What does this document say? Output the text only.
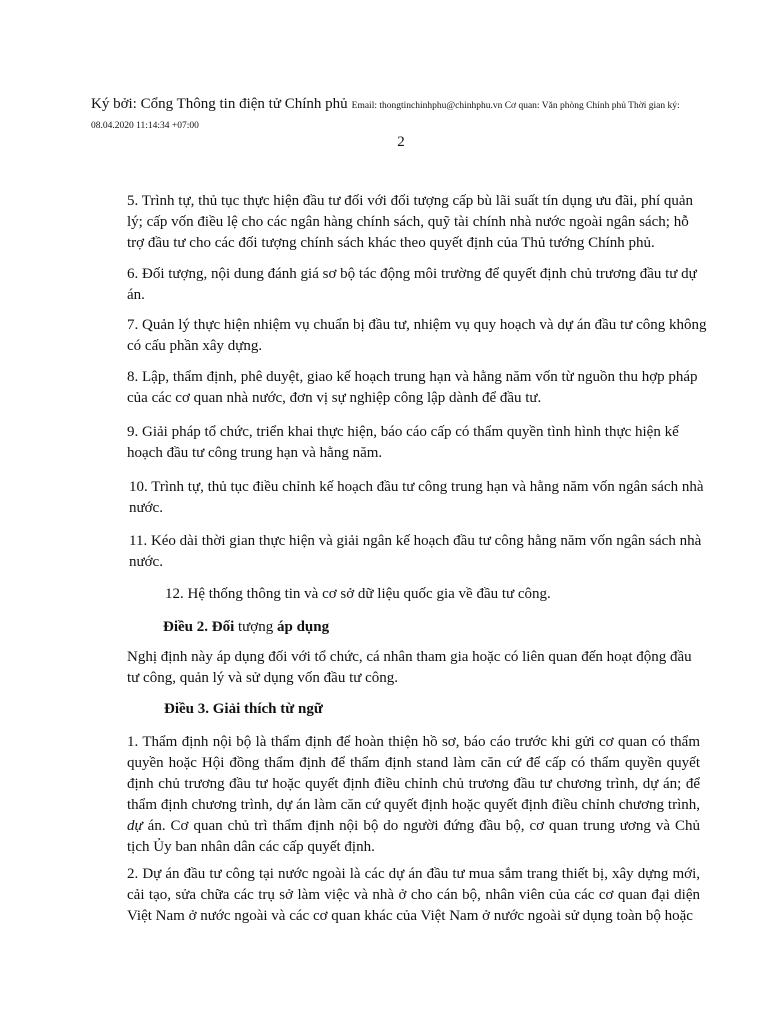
Ký bởi: Cổng Thông tin điện tử Chính phủ Email: thongtinchinhphu@chinhphu.vn Cơ quan: Văn phòng Chính phủ Thời gian ký:
08.04.2020 11:14:34 +07:00
2

5. Trình tự, thủ tục thực hiện đầu tư đối với đối tượng cấp bù lãi suất tín dụng ưu đãi, phí quản lý; cấp vốn điều lệ cho các ngân hàng chính sách, quỹ tài chính nhà nước ngoài ngân sách; hỗ trợ đầu tư cho các đối tượng chính sách khác theo quyết định của Thủ tướng Chính phủ.

6. Đối tượng, nội dung đánh giá sơ bộ tác động môi trường để quyết định chủ trương đầu tư dự án.

7. Quản lý thực hiện nhiệm vụ chuẩn bị đầu tư, nhiệm vụ quy hoạch và dự án đầu tư công không có cấu phần xây dựng.

8. Lập, thẩm định, phê duyệt, giao kế hoạch trung hạn và hằng năm vốn từ nguồn thu hợp pháp của các cơ quan nhà nước, đơn vị sự nghiệp công lập dành để đầu tư.

9. Giải pháp tổ chức, triển khai thực hiện, báo cáo cấp có thẩm quyền tình hình thực hiện kế hoạch đầu tư công trung hạn và hằng năm.

10. Trình tự, thủ tục điều chỉnh kế hoạch đầu tư công trung hạn và hằng năm vốn ngân sách nhà nước.

11. Kéo dài thời gian thực hiện và giải ngân kế hoạch đầu tư công hằng năm vốn ngân sách nhà nước.

12. Hệ thống thông tin và cơ sở dữ liệu quốc gia về đầu tư công.

Điều 2. Đối tượng áp dụng

Nghị định này áp dụng đối với tổ chức, cá nhân tham gia hoặc có liên quan đến hoạt động đầu tư công, quản lý và sử dụng vốn đầu tư công.

Điều 3. Giải thích từ ngữ

1. Thẩm định nội bộ là thẩm định để hoàn thiện hồ sơ, báo cáo trước khi gửi cơ quan có thẩm quyền hoặc Hội đồng thẩm định để thẩm định stand làm căn cứ để cấp có thẩm quyền quyết định chủ trương đầu tư hoặc quyết định điều chỉnh chủ trương đầu tư chương trình, dự án; để thẩm định chương trình, dự án làm căn cứ quyết định hoặc quyết định điều chỉnh chương trình, dự án. Cơ quan chủ trì thẩm định nội bộ do người đứng đầu bộ, cơ quan trung ương và Chủ tịch Ủy ban nhân dân các cấp quyết định.

2. Dự án đầu tư công tại nước ngoài là các dự án đầu tư mua sắm trang thiết bị, xây dựng mới, cải tạo, sửa chữa các trụ sở làm việc và nhà ở cho cán bộ, nhân viên của các cơ quan đại diện Việt Nam ở nước ngoài và các cơ quan khác của Việt Nam ở nước ngoài sử dụng toàn bộ hoặc
